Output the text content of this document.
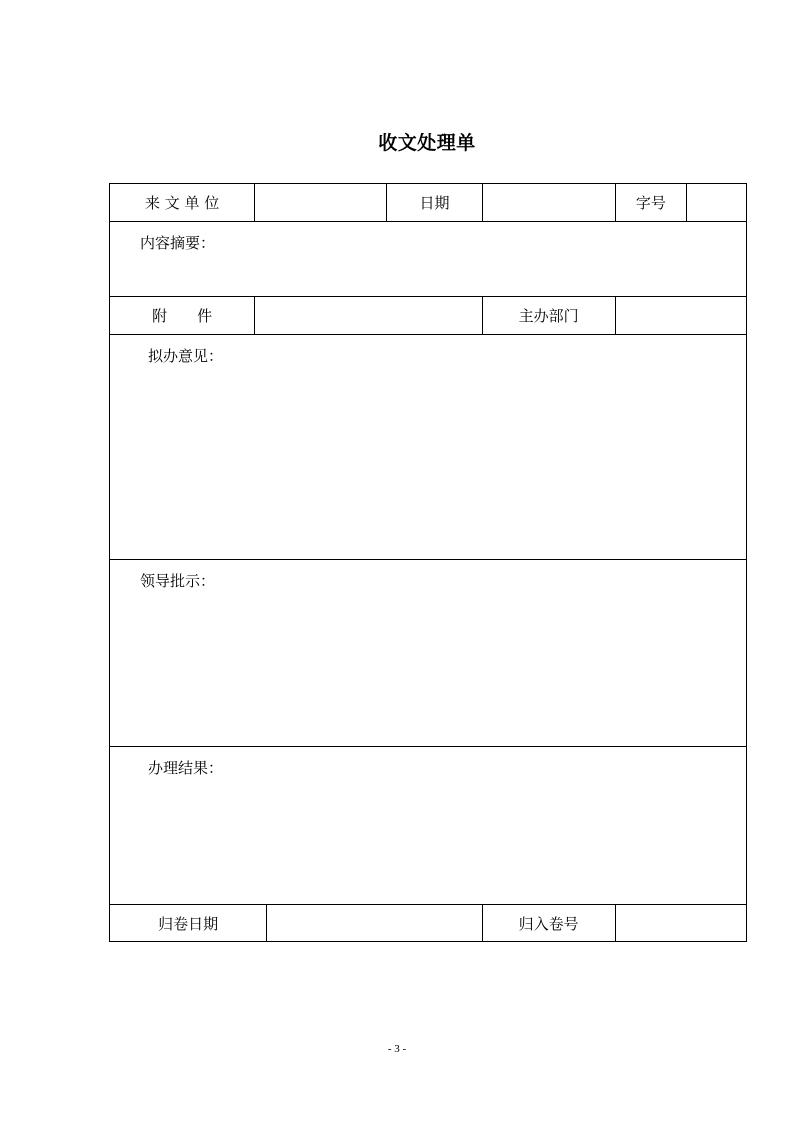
收文处理单
来 文 单 位			日期		字号	

内容摘要：						

附　　件				主办部门		

拟办意见：						

领导批示：						

办理结果：						

归卷日期				归入卷号		
- 3 -
